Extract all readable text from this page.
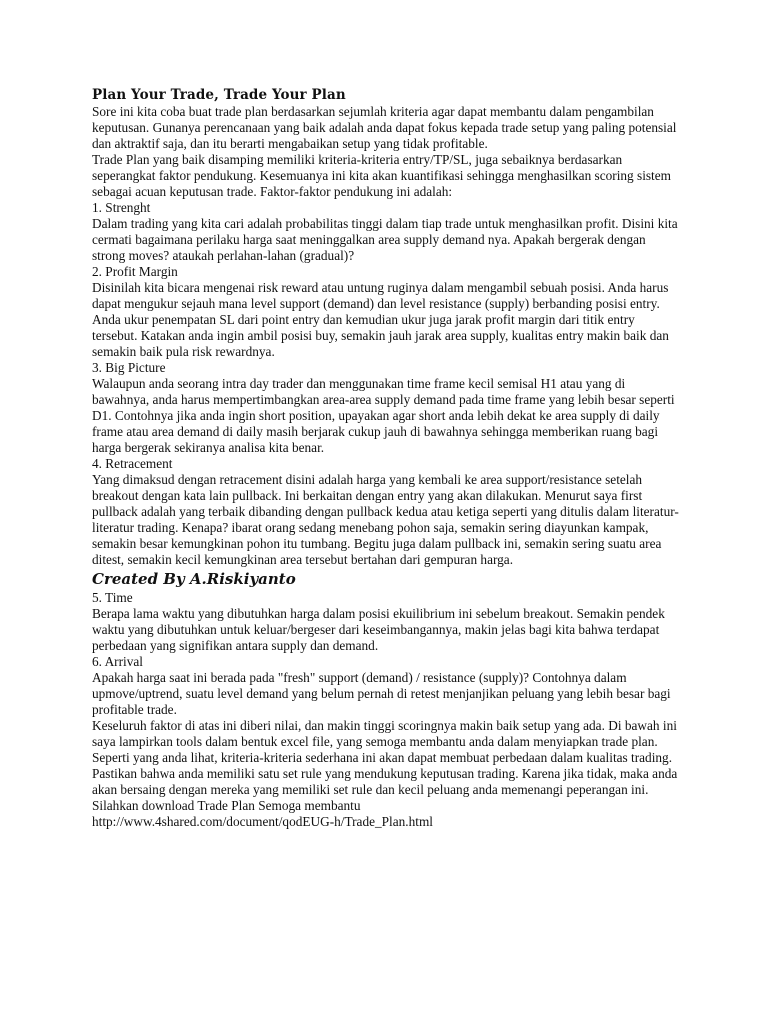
Plan Your Trade, Trade Your Plan

Sore ini kita coba buat trade plan berdasarkan sejumlah kriteria agar dapat membantu dalam pengambilan keputusan. Gunanya perencanaan yang baik adalah anda dapat fokus kepada trade setup yang paling potensial dan aktraktif saja, dan itu berarti mengabaikan setup yang tidak profitable.

Trade Plan yang baik disamping memiliki kriteria-kriteria entry/TP/SL, juga sebaiknya berdasarkan seperangkat faktor pendukung. Kesemuanya ini kita akan kuantifikasi sehingga menghasilkan scoring sistem sebagai acuan keputusan trade. Faktor-faktor pendukung ini adalah:

1. Strenght

Dalam trading yang kita cari adalah probabilitas tinggi dalam tiap trade untuk menghasilkan profit. Disini kita cermati bagaimana perilaku harga saat meninggalkan area supply demand nya. Apakah bergerak dengan strong moves? ataukah perlahan-lahan (gradual)?

2. Profit Margin

Disinilah kita bicara mengenai risk reward atau untung ruginya dalam mengambil sebuah posisi. Anda harus dapat mengukur sejauh mana level support (demand) dan level resistance (supply) berbanding posisi entry. Anda ukur penempatan SL dari point entry dan kemudian ukur juga jarak profit margin dari titik entry tersebut. Katakan anda ingin ambil posisi buy, semakin jauh jarak area supply, kualitas entry makin baik dan semakin baik pula risk rewardnya.

3. Big Picture

Walaupun anda seorang intra day trader dan menggunakan time frame kecil semisal H1 atau yang di bawahnya, anda harus mempertimbangkan area-area supply demand pada time frame yang lebih besar seperti D1. Contohnya jika anda ingin short position, upayakan agar short anda lebih dekat ke area supply di daily frame atau area demand di daily masih berjarak cukup jauh di bawahnya sehingga memberikan ruang bagi harga bergerak sekiranya analisa kita benar.

4. Retracement

Yang dimaksud dengan retracement disini adalah harga yang kembali ke area support/resistance setelah breakout dengan kata lain pullback. Ini berkaitan dengan entry yang akan dilakukan. Menurut saya first pullback adalah yang terbaik dibanding dengan pullback kedua atau ketiga seperti yang ditulis dalam literatur-literatur trading. Kenapa? ibarat orang sedang menebang pohon saja, semakin sering diayunkan kampak, semakin besar kemungkinan pohon itu tumbang. Begitu juga dalam pullback ini, semakin sering suatu area ditest, semakin kecil kemungkinan area tersebut bertahan dari gempuran harga.

Created By A.Riskiyanto

5. Time

Berapa lama waktu yang dibutuhkan harga dalam posisi ekuilibrium ini sebelum breakout. Semakin pendek waktu yang dibutuhkan untuk keluar/bergeser dari keseimbangannya, makin jelas bagi kita bahwa terdapat perbedaan yang signifikan antara supply dan demand.

6. Arrival

Apakah harga saat ini berada pada "fresh" support (demand) / resistance (supply)? Contohnya dalam upmove/uptrend, suatu level demand yang belum pernah di retest menjanjikan peluang yang lebih besar bagi profitable trade.

Keseluruh faktor di atas ini diberi nilai, dan makin tinggi scoringnya makin baik setup yang ada. Di bawah ini saya lampirkan tools dalam bentuk excel file, yang semoga membantu anda dalam menyiapkan trade plan. Seperti yang anda lihat, kriteria-kriteria sederhana ini akan dapat membuat perbedaan dalam kualitas trading. Pastikan bahwa anda memiliki satu set rule yang mendukung keputusan trading. Karena jika tidak, maka anda akan bersaing dengan mereka yang memiliki set rule dan kecil peluang anda memenangi peperangan ini.

Silahkan download Trade Plan Semoga membantu

http://www.4shared.com/document/qodEUG-h/Trade_Plan.html
